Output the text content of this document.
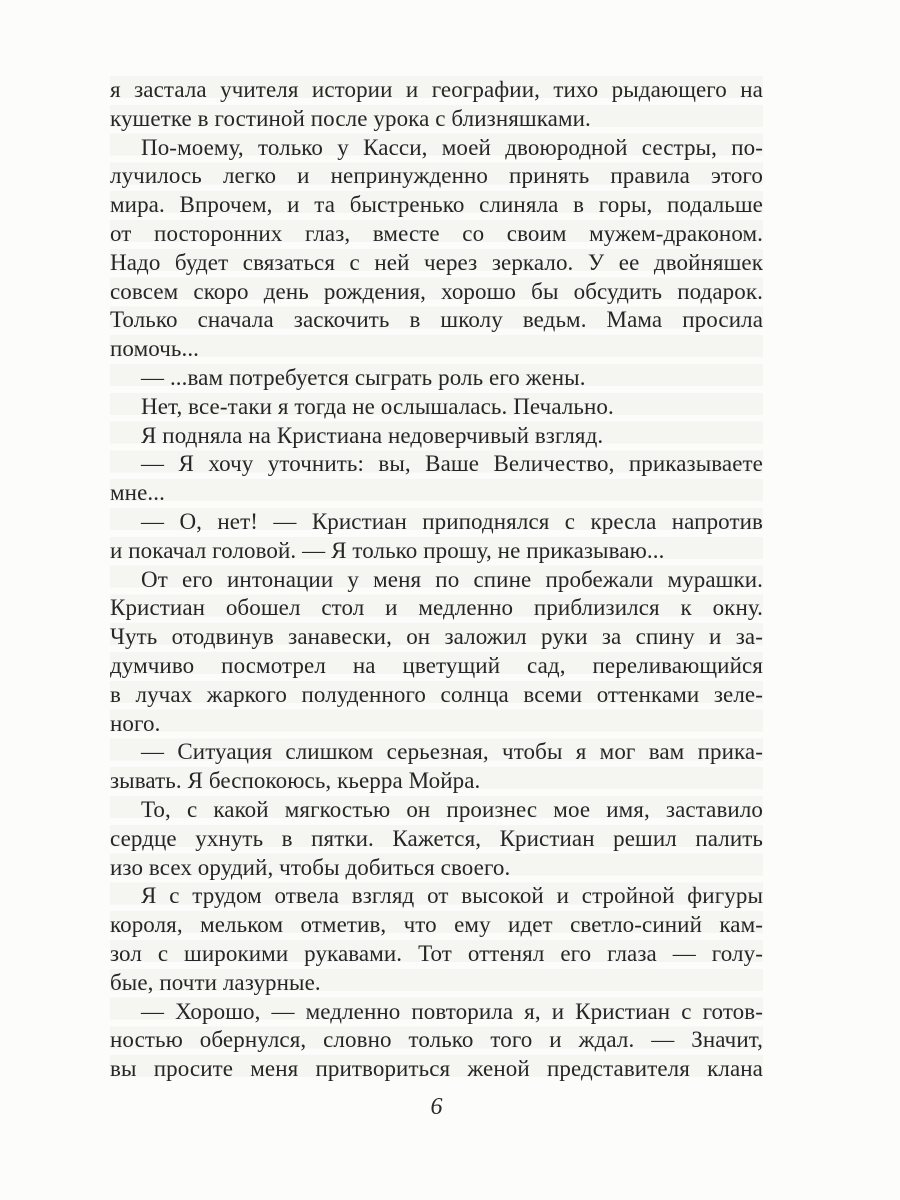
я застала учителя истории и географии, тихо рыдающего на
кушетке в гостиной после урока с близняшками.
По-моему, только у Касси, моей двоюродной сестры, по-
лучилось легко и непринужденно принять правила этого
мира. Впрочем, и та быстренько слиняла в горы, подальше
от посторонних глаз, вместе со своим мужем-драконом.
Надо будет связаться с ней через зеркало. У ее двойняшек
совсем скоро день рождения, хорошо бы обсудить подарок.
Только сначала заскочить в школу ведьм. Мама просила
помочь...
— ...вам потребуется сыграть роль его жены.
Нет, все-таки я тогда не ослышалась. Печально.
Я подняла на Кристиана недоверчивый взгляд.
— Я хочу уточнить: вы, Ваше Величество, приказываете
мне...
— О, нет! — Кристиан приподнялся с кресла напротив
и покачал головой. — Я только прошу, не приказываю...
От его интонации у меня по спине пробежали мурашки.
Кристиан обошел стол и медленно приблизился к окну.
Чуть отодвинув занавески, он заложил руки за спину и за-
думчиво посмотрел на цветущий сад, переливающийся
в лучах жаркого полуденного солнца всеми оттенками зеле-
ного.
— Ситуация слишком серьезная, чтобы я мог вам прика-
зывать. Я беспокоюсь, кьерра Мойра.
То, с какой мягкостью он произнес мое имя, заставило
сердце ухнуть в пятки. Кажется, Кристиан решил палить
изо всех орудий, чтобы добиться своего.
Я с трудом отвела взгляд от высокой и стройной фигуры
короля, мельком отметив, что ему идет светло-синий кам-
зол с широкими рукавами. Тот оттенял его глаза — голу-
бые, почти лазурные.
— Хорошо, — медленно повторила я, и Кристиан с готов-
ностью обернулся, словно только того и ждал. — Значит,
вы просите меня притвориться женой представителя клана
6
